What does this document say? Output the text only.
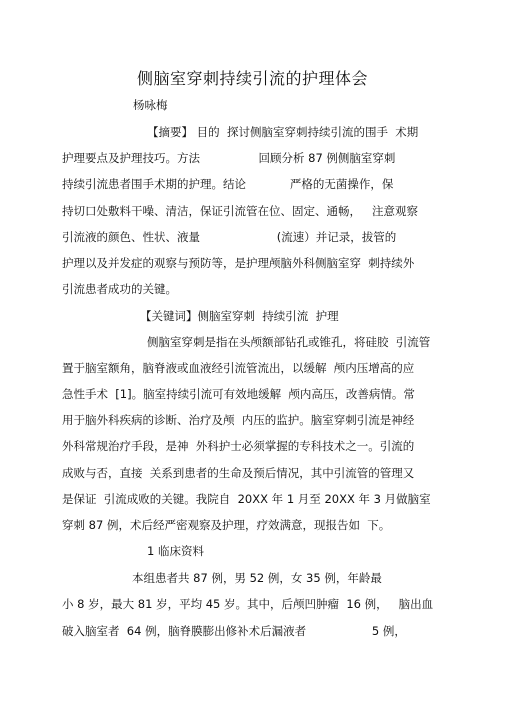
侧脑室穿刺持续引流的护理体会
杨咏梅
【摘要】 目的  探讨侧脑室穿刺持续引流的围手  术期
护理要点及护理技巧。方法                回顾分析 87 例侧脑室穿刺
持续引流患者围手术期的护理。结论            严格的无菌操作，保
持切口处敷料干噪、清洁，保证引流管在位、固定、通畅，   注意观察
引流液的颜色、性状、液量                     (流速）并记录，拔管的
护理以及并发症的观察与预防等，是护理颅脑外科侧脑室穿  刺持续外
引流患者成功的关键。
【关键词】侧脑室穿刺  持续引流  护理
侧脑室穿刺是指在头颅额部钻孔或锥孔，将硅胶  引流管
置于脑室额角，脑脊液或血液经引流管流出，以缓解  颅内压增高的应
急性手术  [1]。脑室持续引流可有效地缓解  颅内高压，改善病情。常
用于脑外科疾病的诊断、治疗及颅  内压的监护。脑室穿刺引流是神经
外科常规治疗手段，是神  外科护士必须掌握的专科技术之一。引流的
成败与否，直接  关系到患者的生命及预后情况，其中引流管的管理又
是保证  引流成败的关键。我院自  20XX 年 1 月至 20XX 年 3 月做脑室
穿刺 87 例，术后经严密观察及护理，疗效满意，现报告如  下。
1 临床资料
本组患者共 87 例，男 52 例，女 35 例，年龄最
小 8 岁，最大 81 岁，平均 45 岁。其中，后颅凹肿瘤  16 例，   脑出血
破入脑室者  64 例，脑脊膜膨出修补术后漏液者                  5 例，
